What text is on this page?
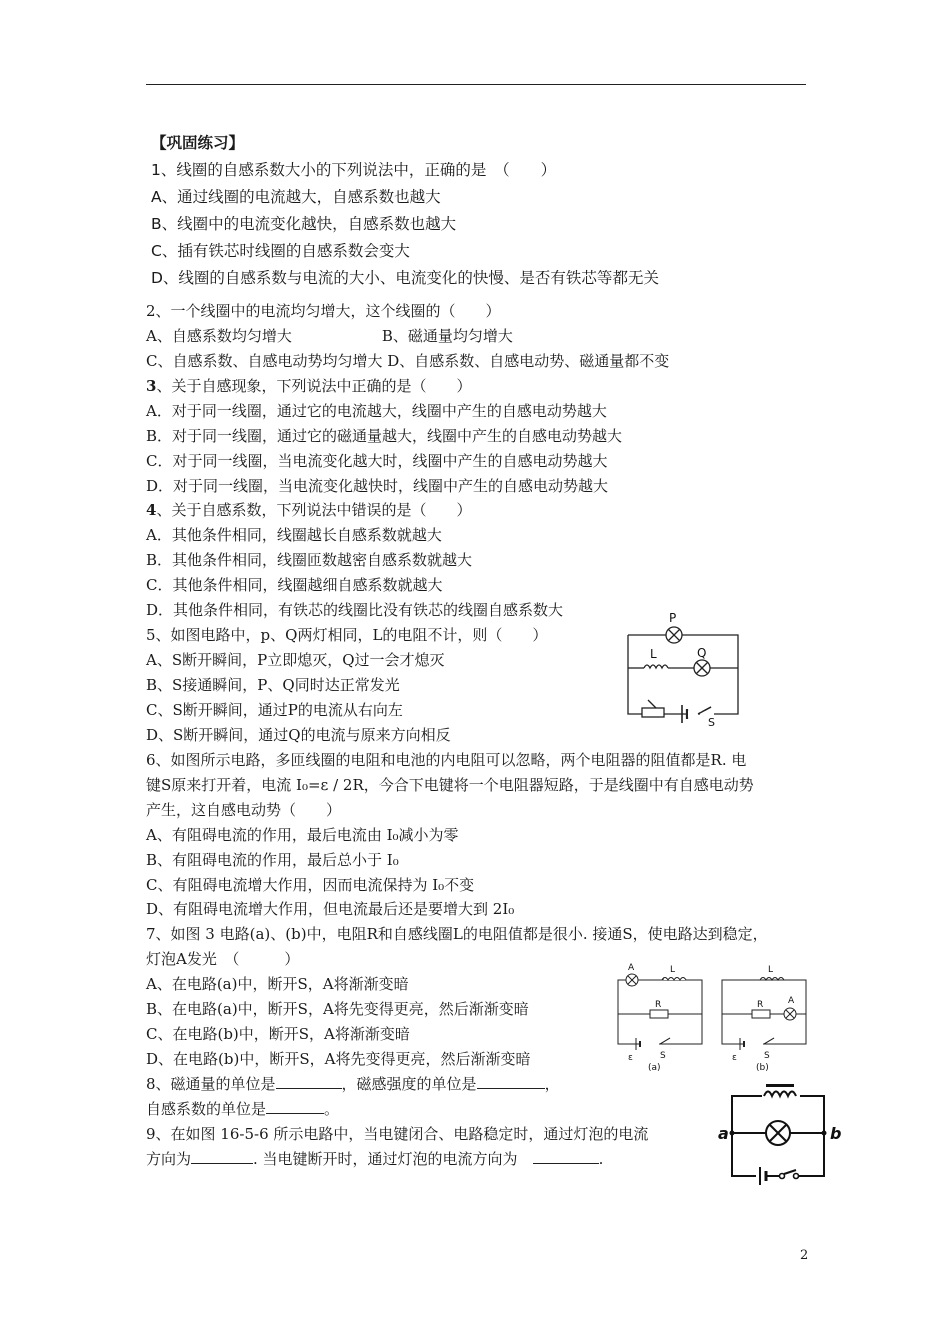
【巩固练习】
1、线圈的自感系数大小的下列说法中，正确的是　（　　）
A、通过线圈的电流越大，自感系数也越大
B、线圈中的电流变化越快，自感系数也越大
C、插有铁芯时线圈的自感系数会变大
D、线圈的自感系数与电流的大小、电流变化的快慢、是否有铁芯等都无关
2、一个线圈中的电流均匀增大，这个线圈的（　　）
A、自感系数均匀增大　　　　　　B、磁通量均匀增大
C、自感系数、自感电动势均匀增大 D、自感系数、自感电动势、磁通量都不变
3、关于自感现象，下列说法中正确的是（　　）
A．对于同一线圈，通过它的电流越大，线圈中产生的自感电动势越大
B．对于同一线圈，通过它的磁通量越大，线圈中产生的自感电动势越大
C．对于同一线圈，当电流变化越大时，线圈中产生的自感电动势越大
D．对于同一线圈，当电流变化越快时，线圈中产生的自感电动势越大
4、关于自感系数，下列说法中错误的是（　　）
A．其他条件相同，线圈越长自感系数就越大
B．其他条件相同，线圈匝数越密自感系数就越大
C．其他条件相同，线圈越细自感系数就越大
D．其他条件相同，有铁芯的线圈比没有铁芯的线圈自感系数大
5、如图电路中，p、Q两灯相同，L的电阻不计，则（　　）
A、S断开瞬间，P立即熄灭，Q过一会才熄灭
B、S接通瞬间，P、Q同时达正常发光
C、S断开瞬间，通过P的电流从右向左
D、S断开瞬间，通过Q的电流与原来方向相反
P
L	Q
S
6、如图所示电路，多匝线圈的电阻和电池的内电阻可以忽略，两个电阻器的阻值都是R. 电
键S原来打开着，电流 I₀=ε / 2R，今合下电键将一个电阻器短路，于是线圈中有自感电动势
产生，这自感电动势（　　）
A、有阻碍电流的作用，最后电流由 I₀减小为零
B、有阻碍电流的作用，最后总小于 I₀
C、有阻碍电流增大作用，因而电流保持为 I₀不变
D、有阻碍电流增大作用，但电流最后还是要增大到 2I₀
7、如图 3 电路(a)、(b)中，电阻R和自感线圈L的电阻值都是很小. 接通S，使电路达到稳定，
灯泡A发光　（　　　）
A、在电路(a)中，断开S，A将渐渐变暗
B、在电路(a)中，断开S，A将先变得更亮，然后渐渐变暗
C、在电路(b)中，断开S，A将渐渐变暗
D、在电路(b)中，断开S，A将先变得更亮，然后渐渐变暗
A	L
R
ε	S
(a)
L
R	A
ε	S
(b)
8、磁通量的单位是	，磁感强度的单位是	，
自感系数的单位是	。
9、在如图 16-5-6 所示电路中，当电键闭合、电路稳定时，通过灯泡的电流
方向为	. 当电键断开时，通过灯泡的电流方向为　	.
a	b
2
